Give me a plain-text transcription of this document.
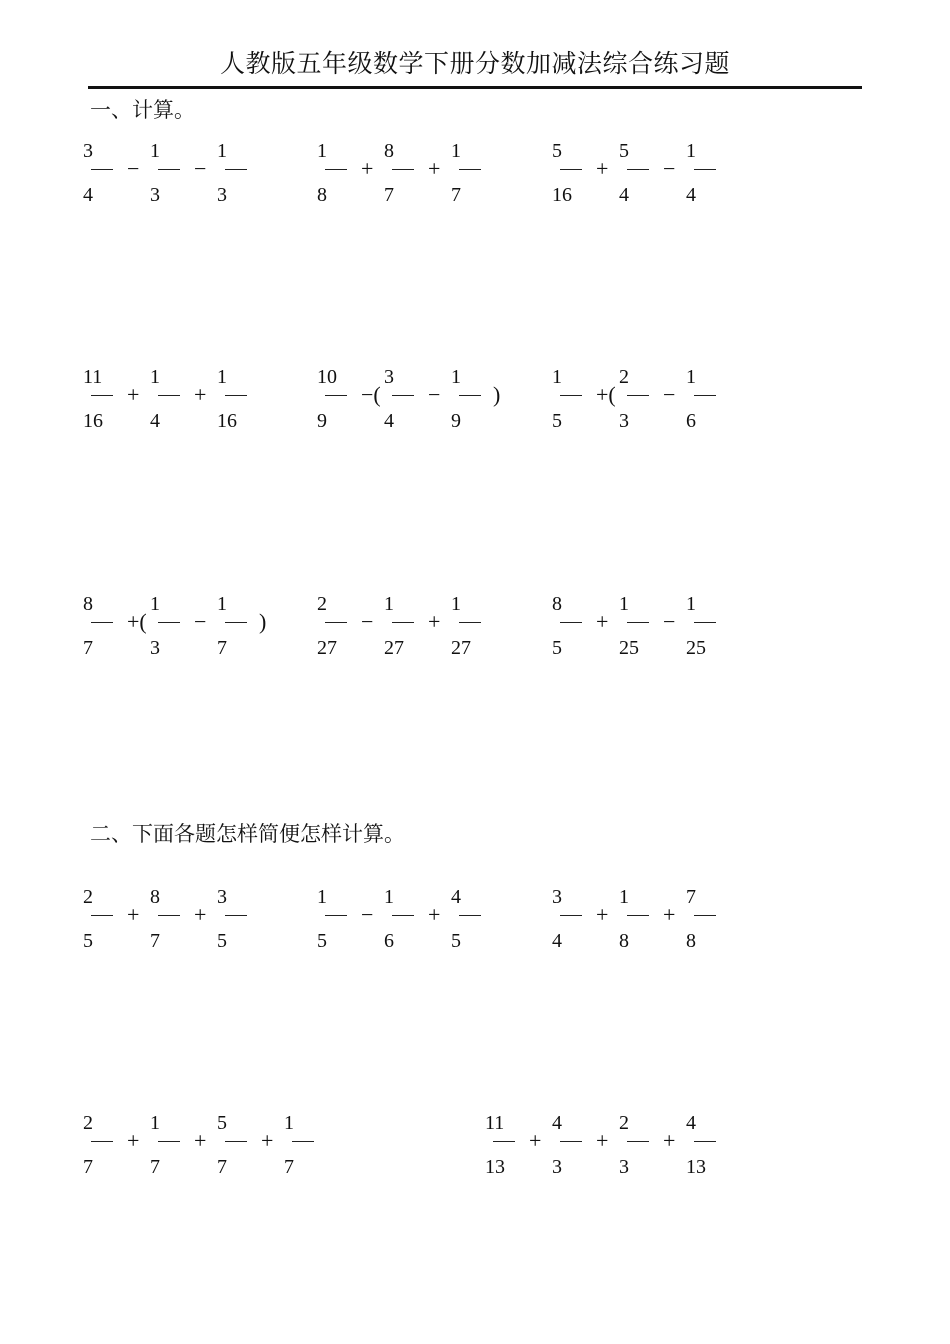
人教版五年级数学下册分数加减法综合练习题
一、计算。
二、下面各题怎样简便怎样计算。
3
4
−
1
3
−
1
3
1
8
+
8
7
+
1
7
5
16
+
5
4
−
1
4
11
16
+
1
4
+
1
16
10
9
−(
3
4
−
1
9
)
1
5
+(
2
3
−
1
6
8
7
+(
1
3
−
1
7
)
2
27
−
1
27
+
1
27
8
5
+
1
25
−
1
25
2
5
+
8
7
+
3
5
1
5
−
1
6
+
4
5
3
4
+
1
8
+
7
8
2
7
+
1
7
+
5
7
+
1
7
11
13
+
4
3
+
2
3
+
4
13
